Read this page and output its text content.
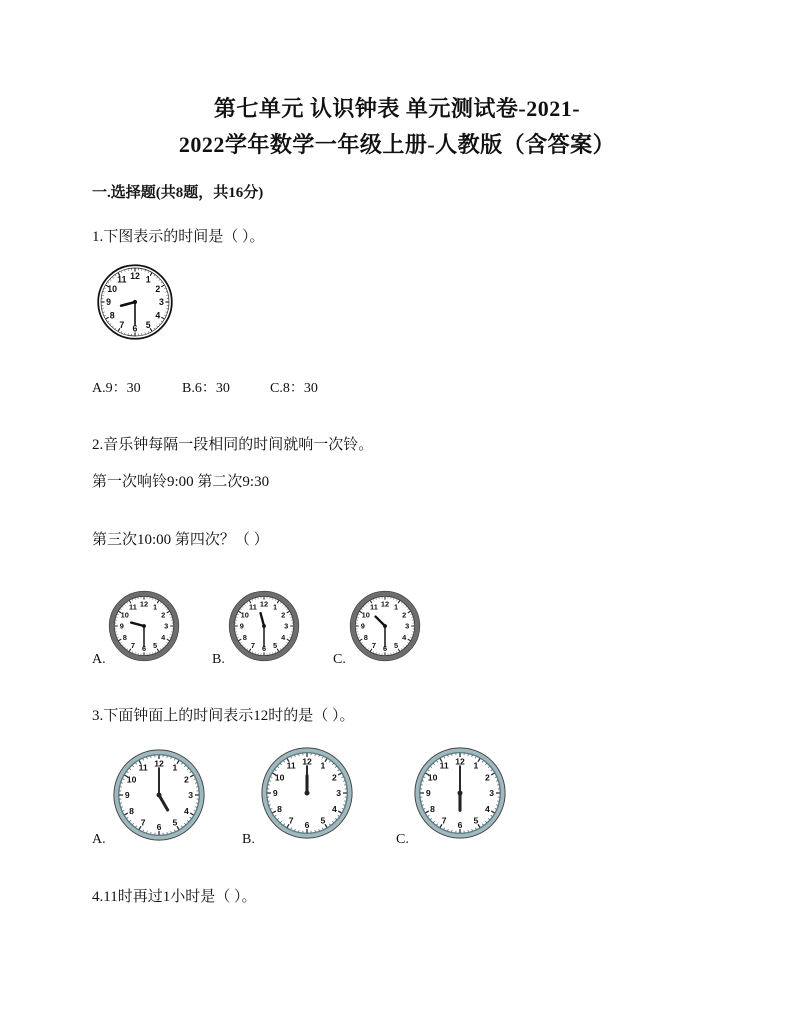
第七单元 认识钟表 单元测试卷-2021-
2022学年数学一年级上册-人教版（含答案）
一.选择题(共8题，共16分)
1.下图表示的时间是（ ）。
12 1
2
3
4
5
6
7
8
9
10
11
A.9：30	B.6：30	C.8：30
2.音乐钟每隔一段相同的时间就响一次铃。
第一次响铃9:00 第二次9:30
第三次10:00 第四次？（ ）
12 1
2
3
4
5
6
7
8
9
10
11	12 1
2
3
4
5
6
7
8
9
10
11	12 1
2
3
4
5
6
7
8
9
10
11
A.	B.	C.
3.下面钟面上的时间表示12时的是（ ）。
12 1
2
3
4
5
6
7
8
9
10
11
12 1
2
3
4
5
6
7
8
9
10
11	12 1
2
3
4
5
6
7
8
9
10
11
A.	B.	C.
4.11时再过1小时是（ ）。
